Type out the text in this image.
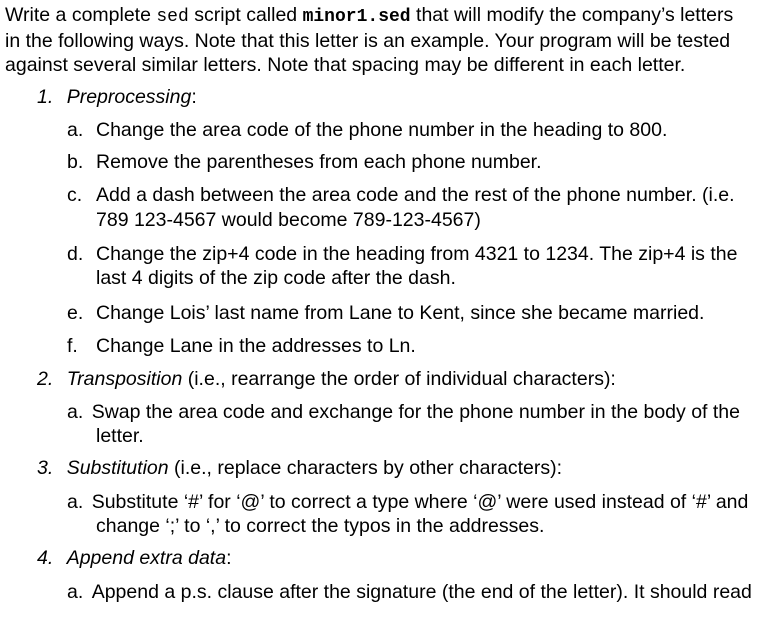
Write a complete sed script called minor1.sed that will modify the company’s letters
in the following ways. Note that this letter is an example. Your program will be tested
against several similar letters. Note that spacing may be different in each letter.
1. Preprocessing:
a. Change the area code of the phone number in the heading to 800.
b. Remove the parentheses from each phone number.
c. Add a dash between the area code and the rest of the phone number. (i.e.
789 123-4567 would become 789-123-4567)
d. Change the zip+4 code in the heading from 4321 to 1234. The zip+4 is the
last 4 digits of the zip code after the dash.
e. Change Lois’ last name from Lane to Kent, since she became married.
f. Change Lane in the addresses to Ln.
2. Transposition (i.e., rearrange the order of individual characters):
a. Swap the area code and exchange for the phone number in the body of the
letter.
3. Substitution (i.e., replace characters by other characters):
a. Substitute ‘#’ for ‘@’ to correct a type where ‘@’ were used instead of ‘#’ and
change ‘;’ to ‘,’ to correct the typos in the addresses.
4. Append extra data:
a. Append a p.s. clause after the signature (the end of the letter). It should read
